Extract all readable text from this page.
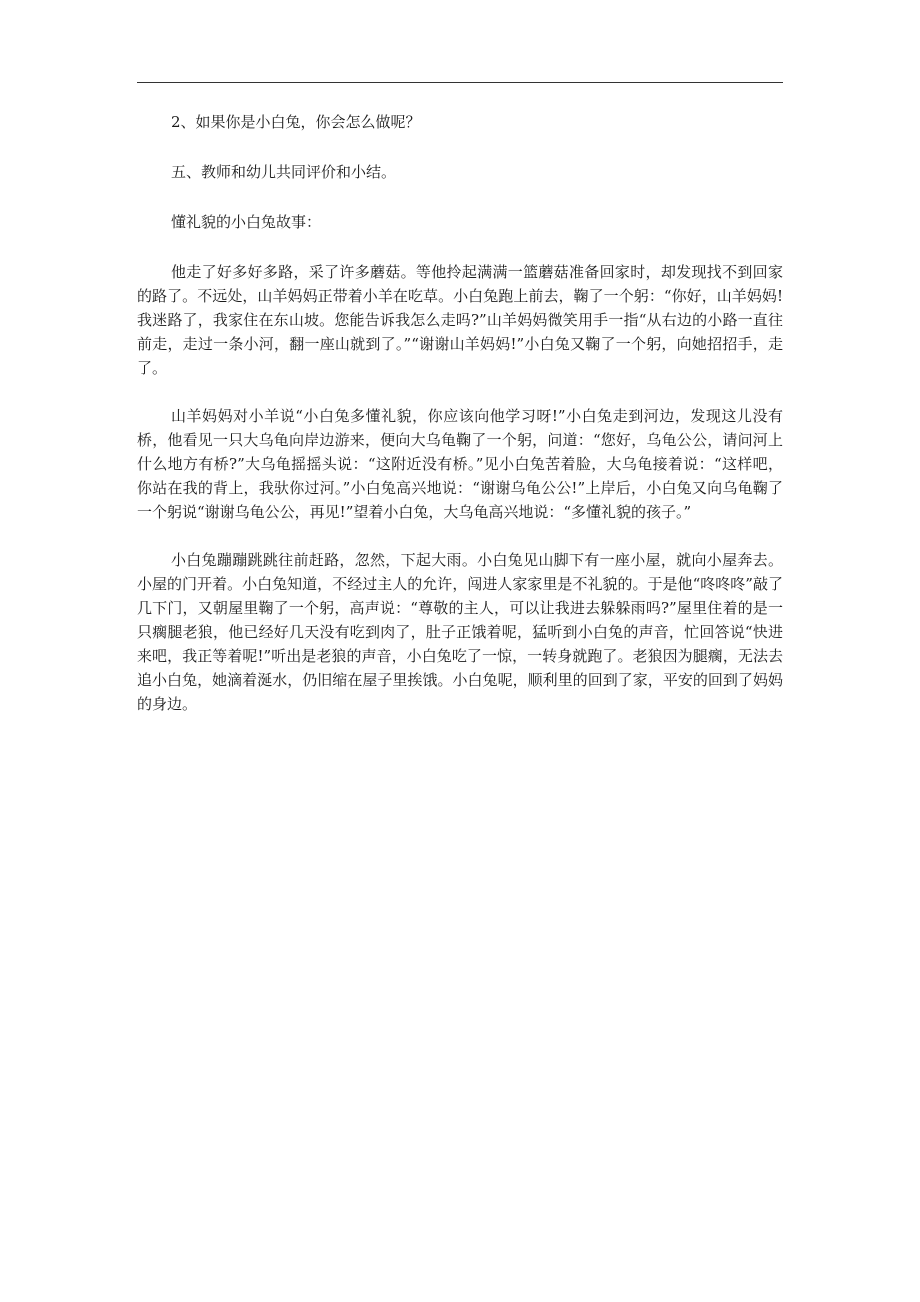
2、如果你是小白兔，你会怎么做呢？

五、教师和幼儿共同评价和小结。

懂礼貌的小白兔故事：

他走了好多好多路，采了许多蘑菇。等他拎起满满一篮蘑菇准备回家时，却发现找不到回家的路了。不远处，山羊妈妈正带着小羊在吃草。小白兔跑上前去，鞠了一个躬：“你好，山羊妈妈!我迷路了，我家住在东山坡。您能告诉我怎么走吗?”山羊妈妈微笑用手一指“从右边的小路一直往前走，走过一条小河，翻一座山就到了。”“谢谢山羊妈妈!”小白兔又鞠了一个躬，向她招招手，走了。

山羊妈妈对小羊说“小白兔多懂礼貌，你应该向他学习呀!”小白兔走到河边，发现这儿没有桥，他看见一只大乌龟向岸边游来，便向大乌龟鞠了一个躬，问道：“您好，乌龟公公，请问河上什么地方有桥?”大乌龟摇摇头说：“这附近没有桥。”见小白兔苦着脸，大乌龟接着说：“这样吧，你站在我的背上，我驮你过河。”小白兔高兴地说：“谢谢乌龟公公!”上岸后，小白兔又向乌龟鞠了一个躬说“谢谢乌龟公公，再见!”望着小白兔，大乌龟高兴地说：“多懂礼貌的孩子。”

小白兔蹦蹦跳跳往前赶路，忽然，下起大雨。小白兔见山脚下有一座小屋，就向小屋奔去。小屋的门开着。小白兔知道，不经过主人的允许，闯进人家家里是不礼貌的。于是他“咚咚咚”敲了几下门，又朝屋里鞠了一个躬，高声说：“尊敬的主人，可以让我进去躲躲雨吗?”屋里住着的是一只瘸腿老狼，他已经好几天没有吃到肉了，肚子正饿着呢，猛听到小白兔的声音，忙回答说“快进来吧，我正等着呢!”听出是老狼的声音，小白兔吃了一惊，一转身就跑了。老狼因为腿瘸，无法去追小白兔，她滴着涎水，仍旧缩在屋子里挨饿。小白兔呢，顺利里的回到了家，平安的回到了妈妈的身边。
